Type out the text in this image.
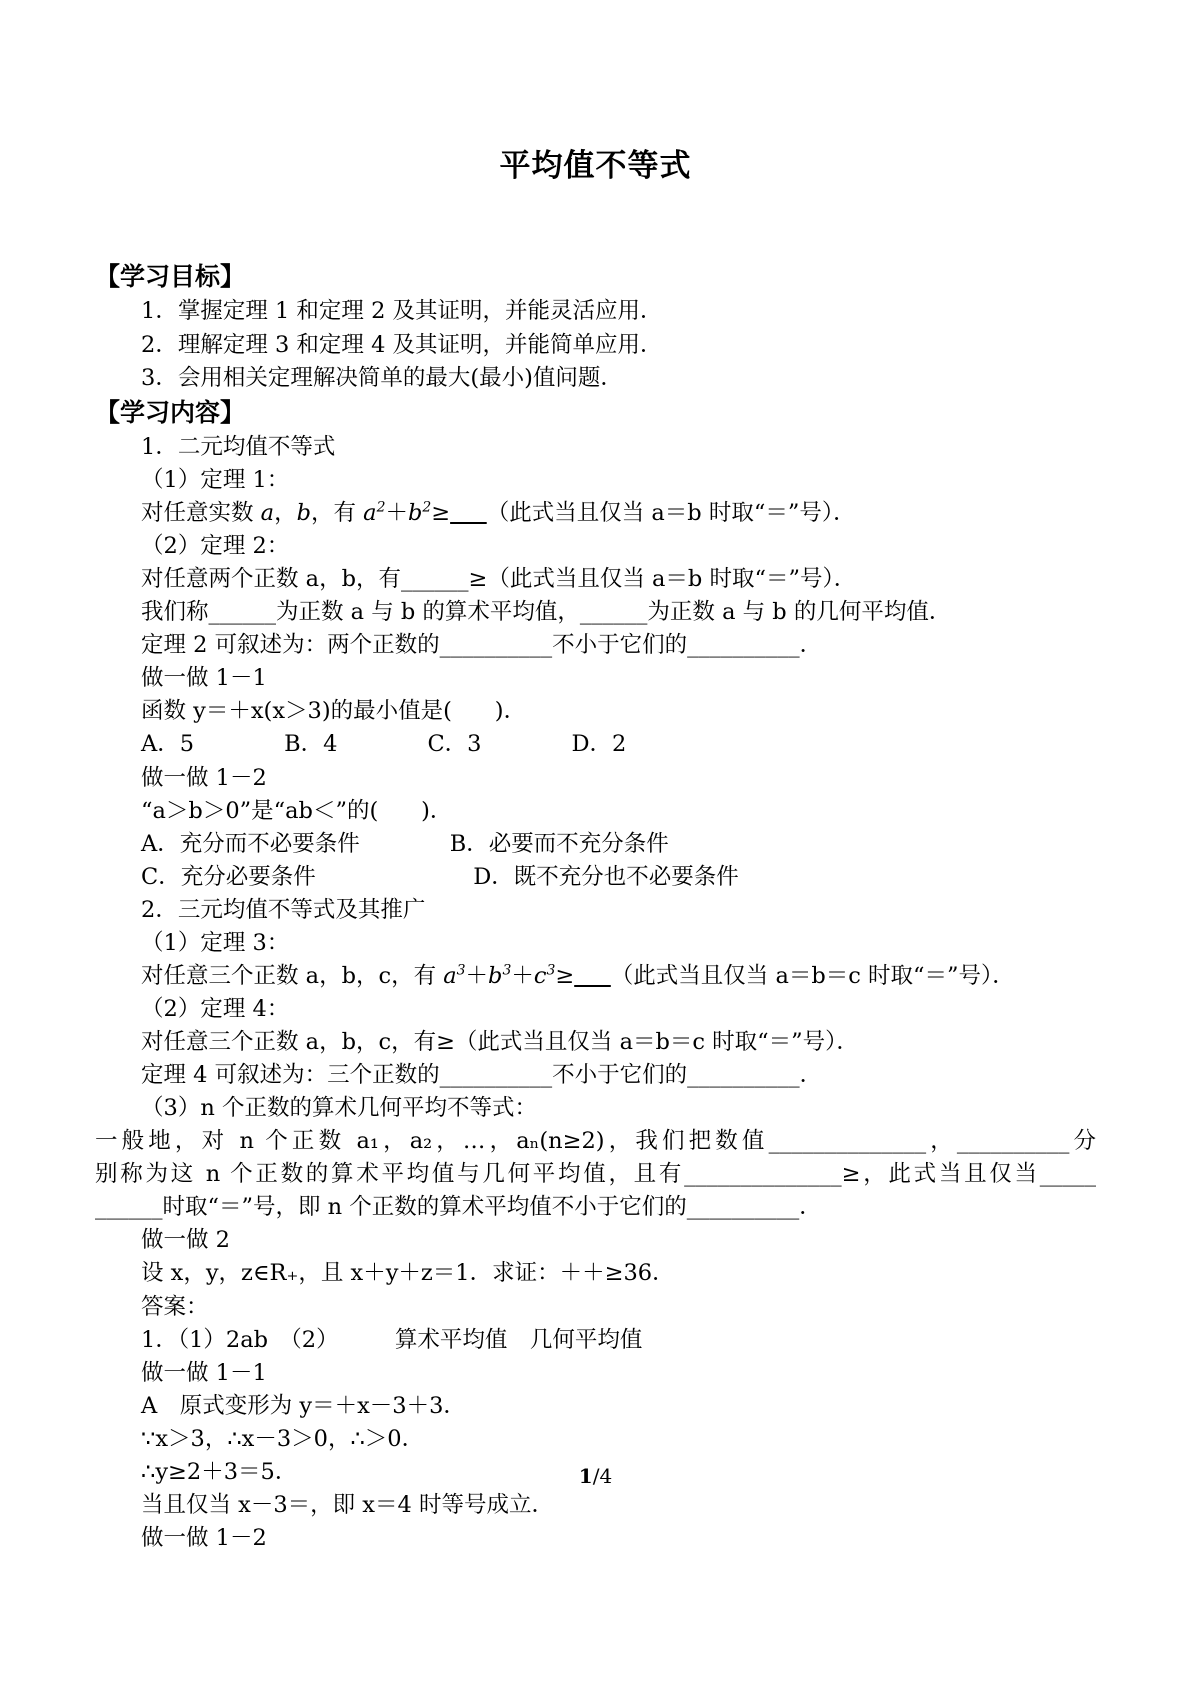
平均值不等式
【学习目标】
1．掌握定理 1 和定理 2 及其证明，并能灵活应用．
2．理解定理 3 和定理 4 及其证明，并能简单应用．
3．会用相关定理解决简单的最大(最小)值问题．
【学习内容】
1．二元均值不等式
（1）定理 1：
对任意实数 a，b，有 $a^2+b^2\ge$ （此式当且仅当 a＝b 时取“＝”号）．
（2）定理 2：
对任意两个正数 a，b，有______≥（此式当且仅当 a＝b 时取“＝”号）．
我们称______为正数 a 与 b 的算术平均值，______为正数 a 与 b 的几何平均值．
定理 2 可叙述为：两个正数的__________不小于它们的__________．
做一做 1－1
函数 y＝＋x(x＞3)的最小值是(      )．
A．5　　　　	B．4　　　　	C．3　　　　	D．2
做一做 1－2
“a＞b＞0”是“ab＜”的(      )．
A．充分而不必要条件　　　　	B．必要而不充分条件
C．充分必要条件　　　　　　　	D．既不充分也不必要条件
2．三元均值不等式及其推广
（1）定理 3：
对任意三个正数 a，b，c，有 $a^3+b^3+c^3\ge$ （此式当且仅当 a＝b＝c 时取“＝”号）．
（2）定理 4：
对任意三个正数 a，b，c，有≥（此式当且仅当 a＝b＝c 时取“＝”号）．
定理 4 可叙述为：三个正数的__________不小于它们的__________．
（3）n 个正数的算术几何平均不等式：
一般地，对 n 个正数 a₁，a₂，…，aₙ(n≥2)，我们把数值______________，__________分
别称为这 n 个正数的算术平均值与几何平均值，且有______________≥，此式当且仅当_____
______时取“＝”号，即 n 个正数的算术平均值不小于它们的__________．
做一做 2
设 x，y，z∈R₊，且 x＋y＋z＝1．求证：＋＋≥36．
答案：
1．（1）2ab　（2）　　　算术平均值　几何平均值
做一做 1－1
A　原式变形为 y＝＋x－3＋3．
∵x＞3，∴x－3＞0，∴＞0．
∴y≥2＋3＝5．
当且仅当 x－3＝，即 x＝4 时等号成立．
做一做 1－2
1/4
